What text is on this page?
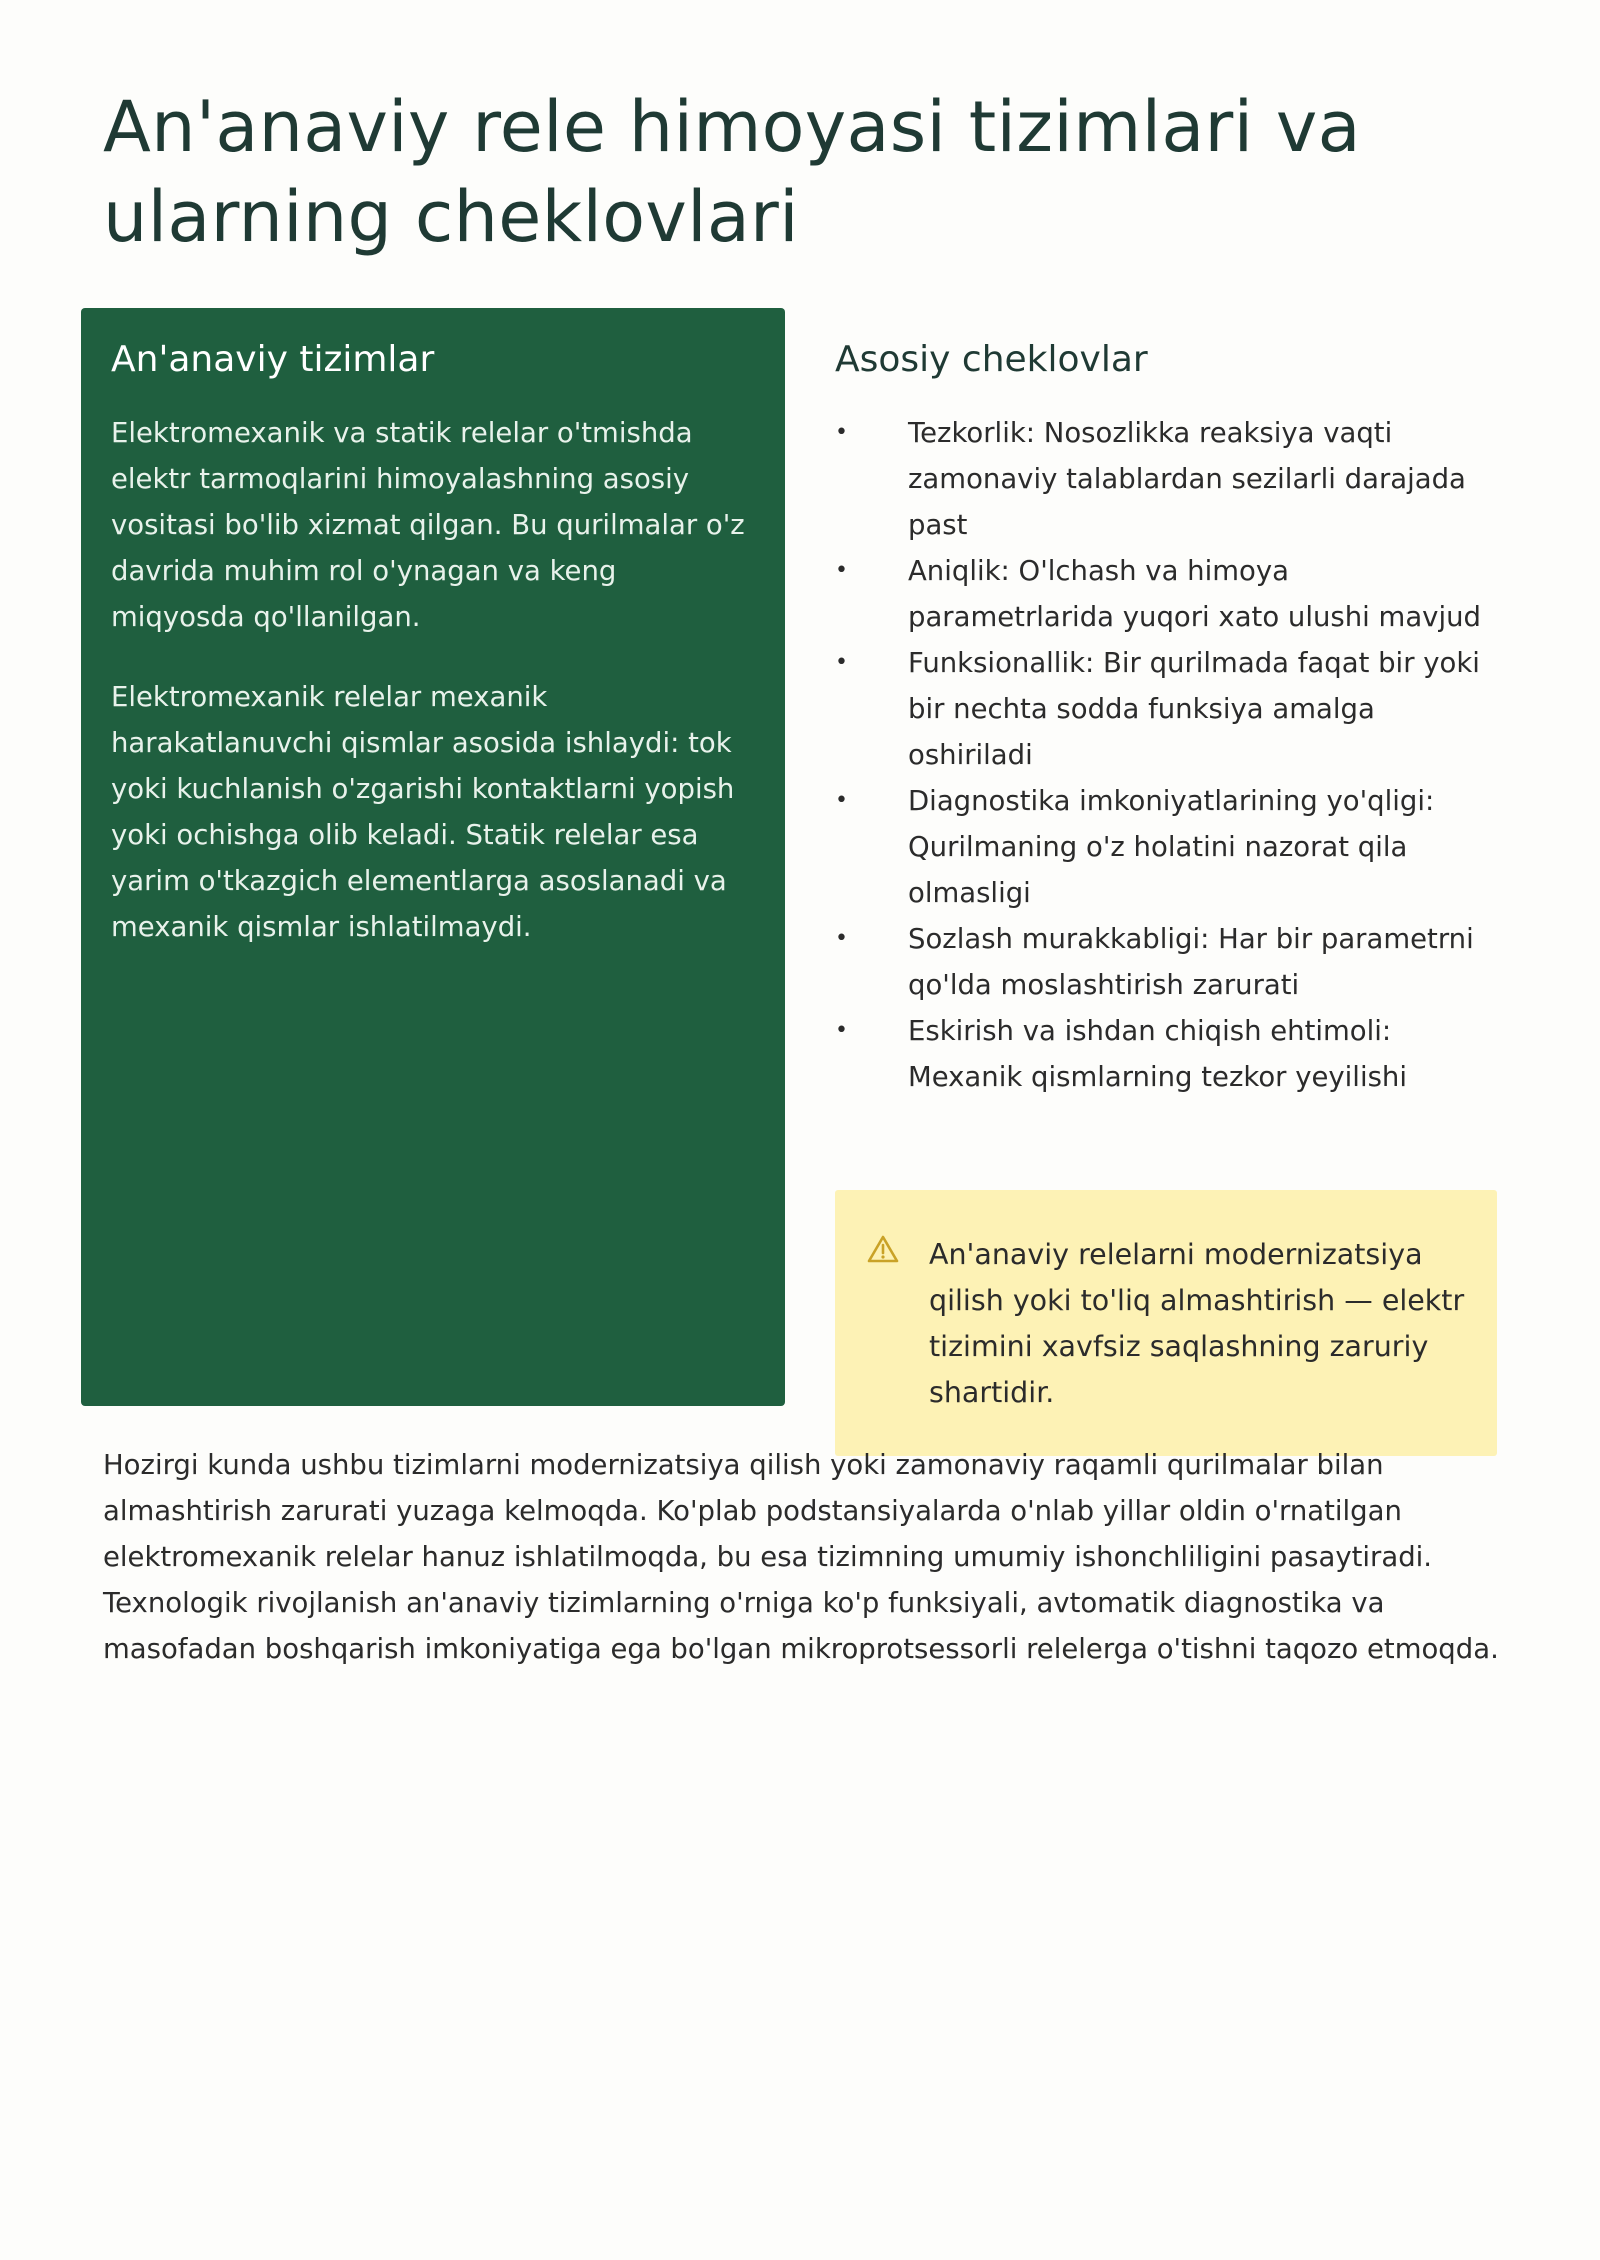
An'anaviy rele himoyasi tizimlari va ularning cheklovlari
An'anaviy tizimlar

Elektromexanik va statik relelar o'tmishda elektr tarmoqlarini himoyalashning asosiy vositasi bo'lib xizmat qilgan. Bu qurilmalar o'z davrida muhim rol o'ynagan va keng miqyosda qo'llanilgan.

Elektromexanik relelar mexanik harakatlanuvchi qismlar asosida ishlaydi: tok yoki kuchlanish o'zgarishi kontaktlarni yopish yoki ochishga olib keladi. Statik relelar esa yarim o'tkazgich elementlarga asoslanadi va mexanik qismlar ishlatilmaydi.

Asosiy cheklovlar
• Tezkorlik: Nosozlikka reaksiya vaqti zamonaviy talablardan sezilarli darajada past
• Aniqlik: O'lchash va himoya parametrlarida yuqori xato ulushi mavjud
• Funksionallik: Bir qurilmada faqat bir yoki bir nechta sodda funksiya amalga oshiriladi
• Diagnostika imkoniyatlarining yo'qligi: Qurilmaning o'z holatini nazorat qila olmasligi
• Sozlash murakkabligi: Har bir parametrni qo'lda moslashtirish zarurati
• Eskirish va ishdan chiqish ehtimoli: Mexanik qismlarning tezkor yeyilishi

An'anaviy relelarni modernizatsiya qilish yoki to'liq almashtirish — elektr tizimini xavfsiz saqlashning zaruriy shartidir.

Hozirgi kunda ushbu tizimlarni modernizatsiya qilish yoki zamonaviy raqamli qurilmalar bilan almashtirish zarurati yuzaga kelmoqda. Ko'plab podstansiyalarda o'nlab yillar oldin o'rnatilgan elektromexanik relelar hanuz ishlatilmoqda, bu esa tizimning umumiy ishonchliligini pasaytiradi. Texnologik rivojlanish an'anaviy tizimlarning o'rniga ko'p funksiyali, avtomatik diagnostika va masofadan boshqarish imkoniyatiga ega bo'lgan mikroprotsessorli relelerga o'tishni taqozo etmoqda.
